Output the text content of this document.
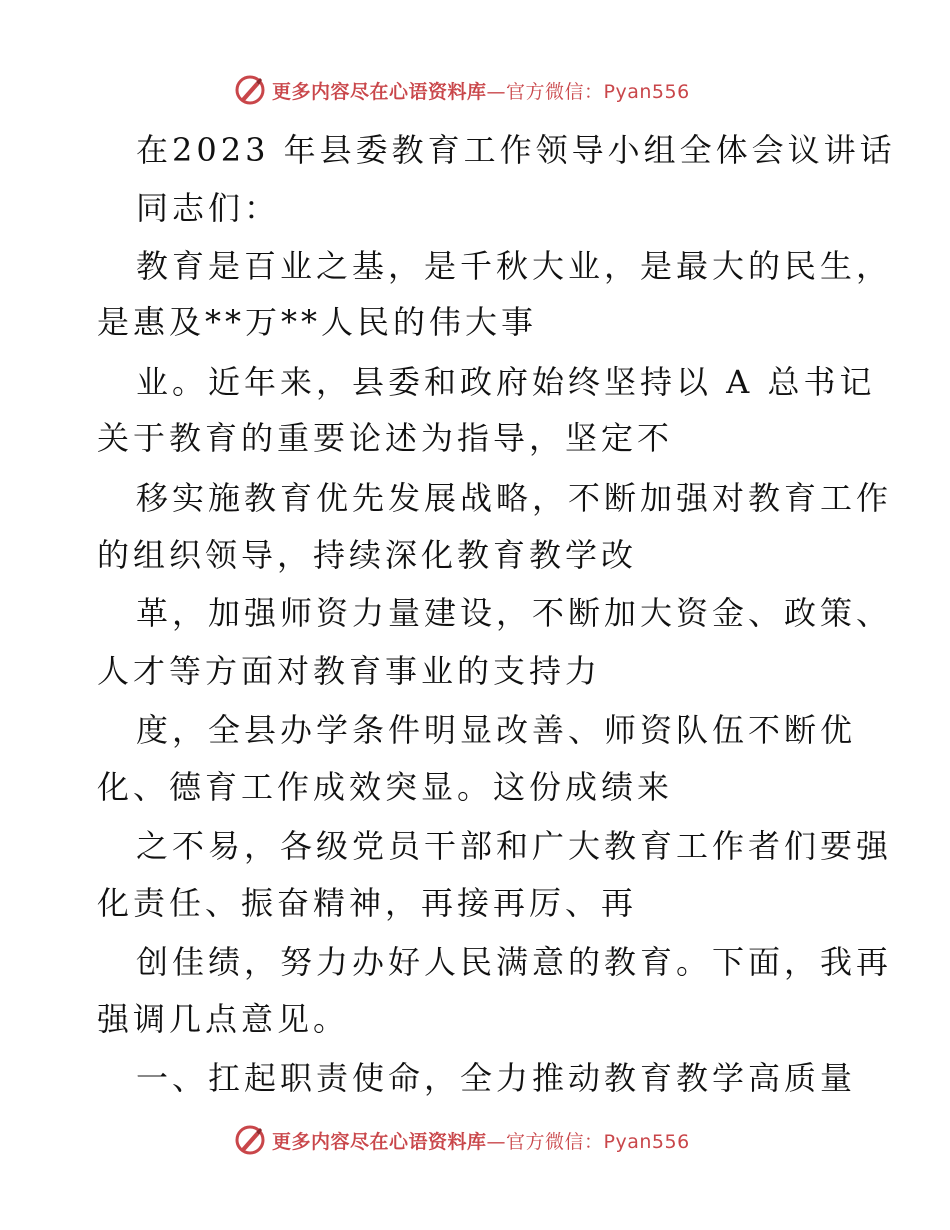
更多内容尽在心语资料库—官方微信：Pyan556
在2023 年县委教育工作领导小组全体会议讲话
同志们：
教育是百业之基，是千秋大业，是最大的民生，
是惠及**万**人民的伟大事
业。近年来，县委和政府始终坚持以 A 总书记
关于教育的重要论述为指导，坚定不
移实施教育优先发展战略，不断加强对教育工作
的组织领导，持续深化教育教学改
革，加强师资力量建设，不断加大资金、政策、
人才等方面对教育事业的支持力
度，全县办学条件明显改善、师资队伍不断优
化、德育工作成效突显。这份成绩来
之不易，各级党员干部和广大教育工作者们要强
化责任、振奋精神，再接再厉、再
创佳绩，努力办好人民满意的教育。下面，我再
强调几点意见。
一、扛起职责使命，全力推动教育教学高质量
更多内容尽在心语资料库—官方微信：Pyan556
